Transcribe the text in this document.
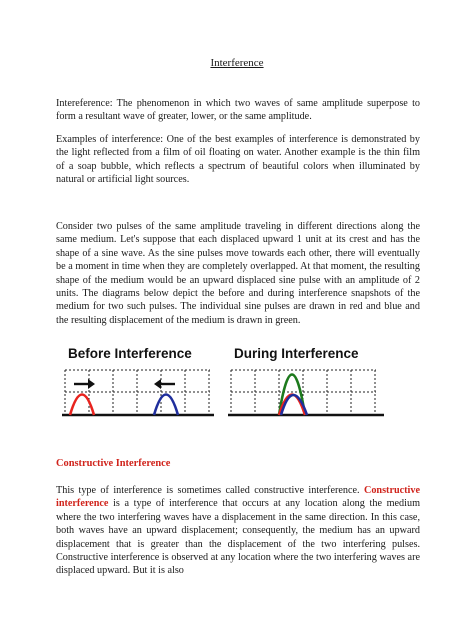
Interference
Intereference: The phenomenon in which two waves of same amplitude superpose to form a resultant wave of greater, lower, or the same amplitude.
Examples of interference: One of the best examples of interference is demonstrated by the light reflected from a film of oil floating on water. Another example is the thin film of a soap bubble, which reflects a spectrum of beautiful colors when illuminated by natural or artificial light sources.
Consider two pulses of the same amplitude traveling in different directions along the same medium. Let's suppose that each displaced upward 1 unit at its crest and has the shape of a sine wave. As the sine pulses move towards each other, there will eventually be a moment in time when they are completely overlapped. At that moment, the resulting shape of the medium would be an upward displaced sine pulse with an amplitude of 2 units. The diagrams below depict the before and during interference snapshots of the medium for two such pulses. The individual sine pulses are drawn in red and blue and the resulting displacement of the medium is drawn in green.
Before Interference	During Interference
Constructive Interference
This type of interference is sometimes called constructive interference. Constructive interference is a type of interference that occurs at any location along the medium where the two interfering waves have a displacement in the same direction. In this case, both waves have an upward displacement; consequently, the medium has an upward displacement that is greater than the displacement of the two interfering pulses. Constructive interference is observed at any location where the two interfering waves are displaced upward. But it is also
